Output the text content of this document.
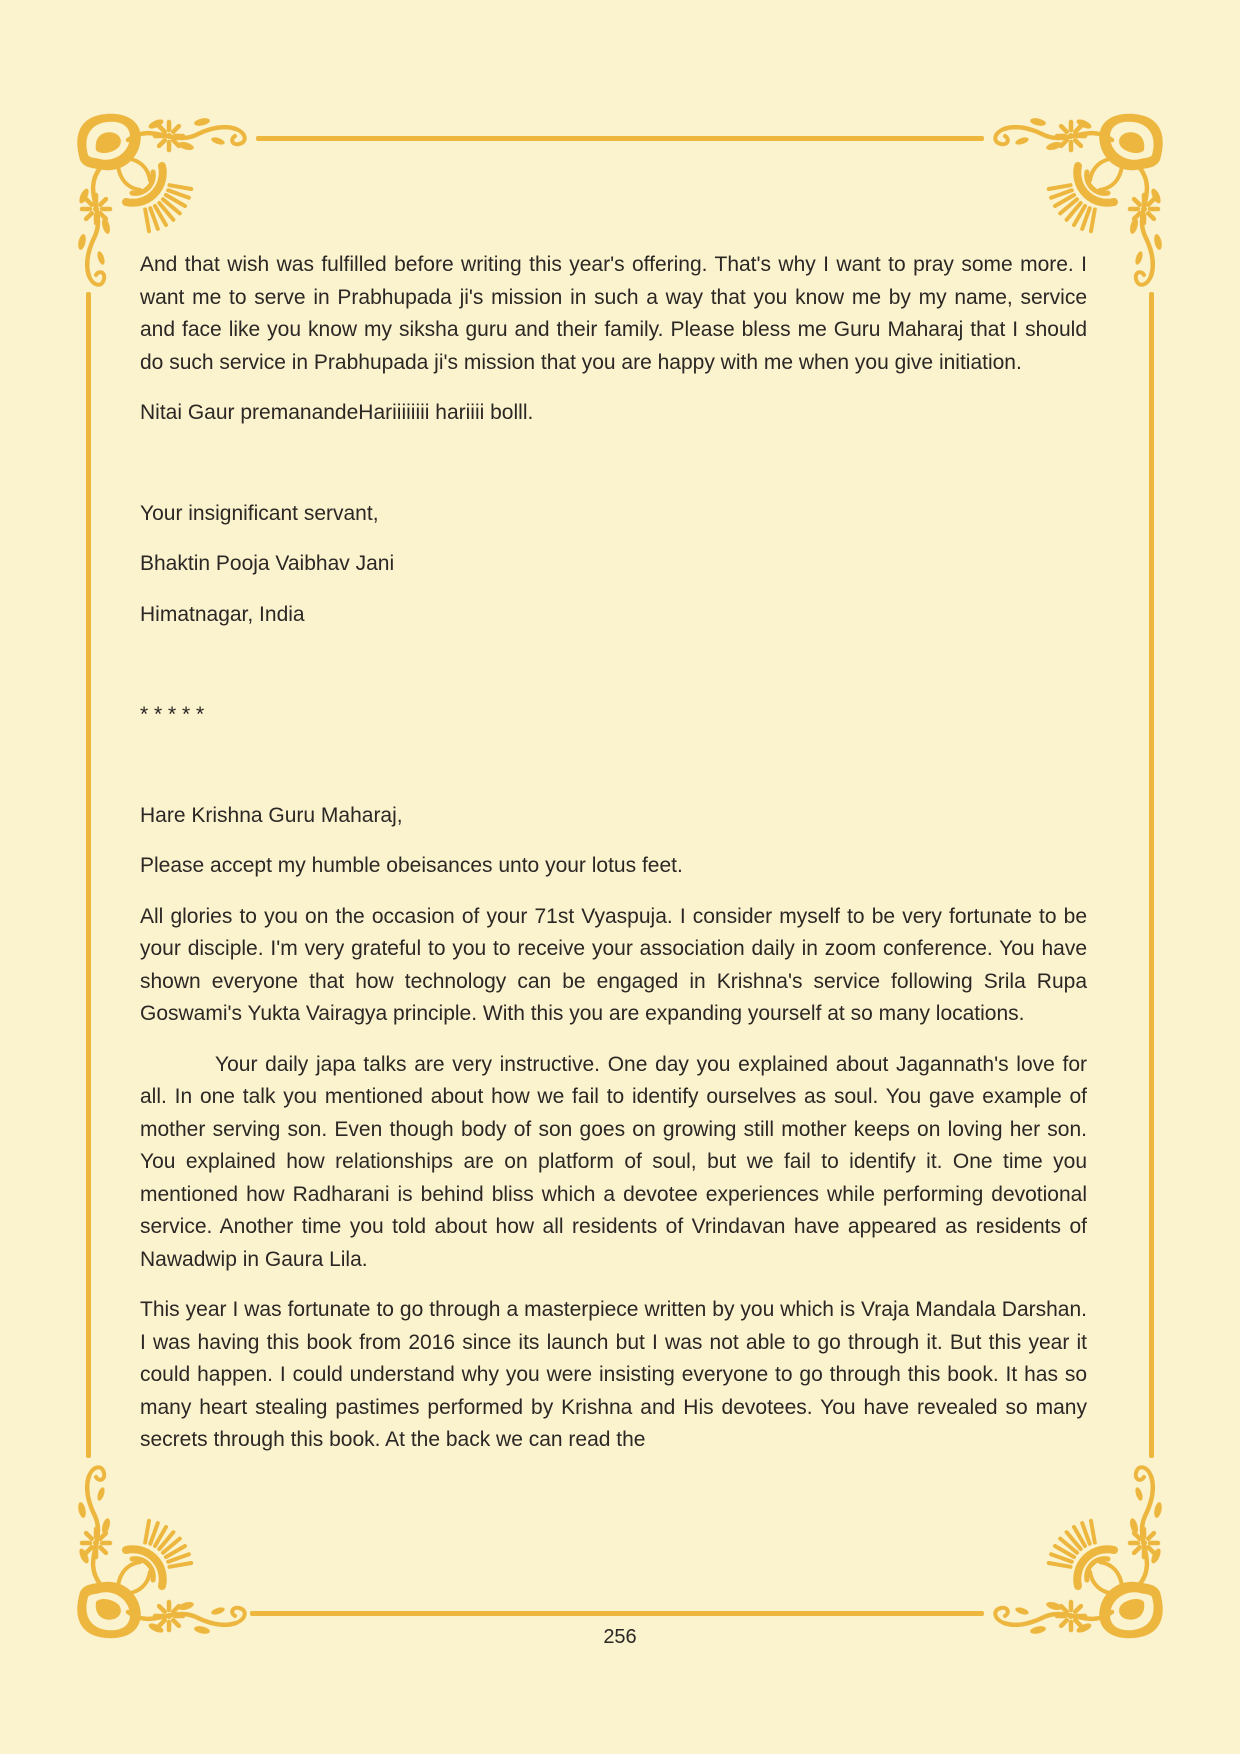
And that wish was fulfilled before writing this year's offering. That's why I want to pray some more. I want me to serve in Prabhupada ji's mission in such a way that you know me by my name, service and face like you know my siksha guru and their family. Please bless me Guru Maharaj that I should do such service in Prabhupada ji's mission that you are happy with me when you give initiation.

Nitai Gaur premanandeHariiiiiiii hariiii bolll.

Your insignificant servant,

Bhaktin Pooja Vaibhav Jani

Himatnagar, India

* * * * *

Hare Krishna Guru Maharaj,

Please accept my humble obeisances unto your lotus feet.

All glories to you on the occasion of your 71st Vyaspuja. I consider myself to be very fortunate to be your disciple. I'm very grateful to you to receive your association daily in zoom conference. You have shown everyone that how technology can be engaged in Krishna's service following Srila Rupa Goswami's Yukta Vairagya principle. With this you are expanding yourself at so many locations.

Your daily japa talks are very instructive. One day you explained about Jagannath's love for all. In one talk you mentioned about how we fail to identify ourselves as soul. You gave example of mother serving son. Even though body of son goes on growing still mother keeps on loving her son. You explained how relationships are on platform of soul, but we fail to identify it. One time you mentioned how Radharani is behind bliss which a devotee experiences while performing devotional service. Another time you told about how all residents of Vrindavan have appeared as residents of Nawadwip in Gaura Lila.

This year I was fortunate to go through a masterpiece written by you which is Vraja Mandala Darshan. I was having this book from 2016 since its launch but I was not able to go through it. But this year it could happen. I could understand why you were insisting everyone to go through this book. It has so many heart stealing pastimes performed by Krishna and His devotees. You have revealed so many secrets through this book. At the back we can read the

256
